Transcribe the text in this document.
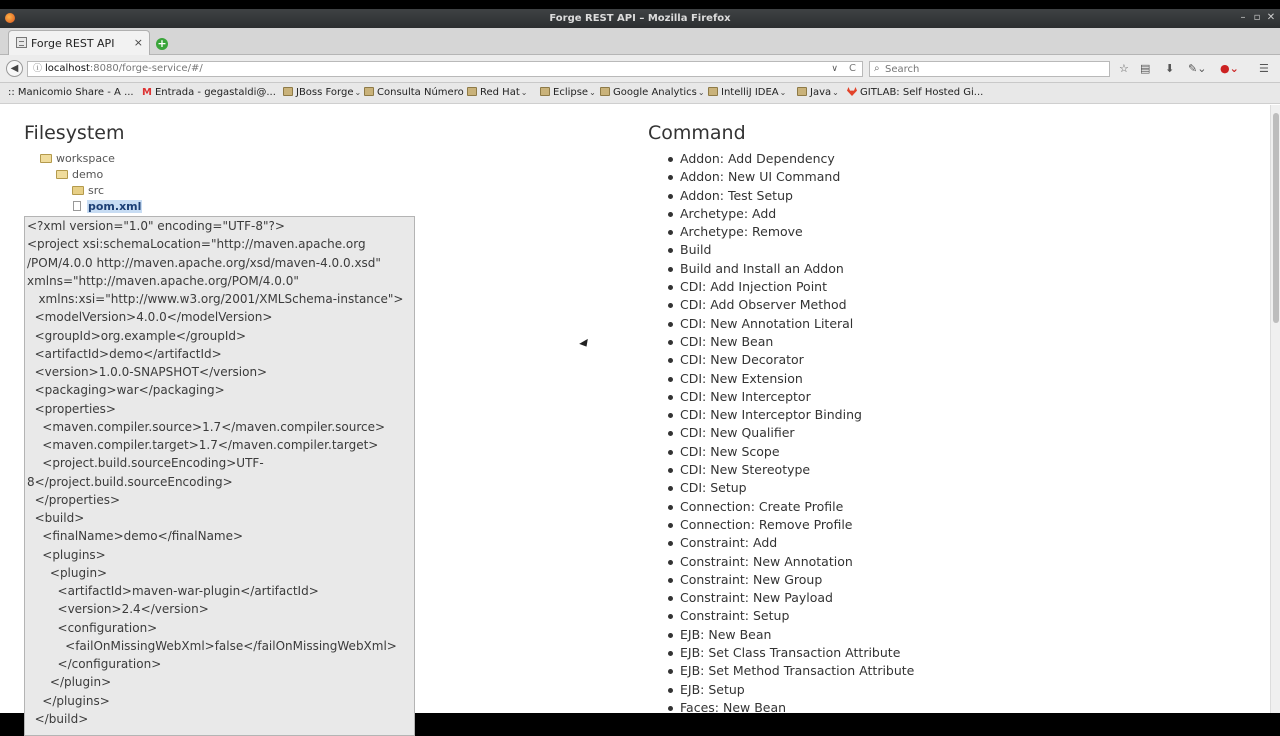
Forge REST API – Mozilla Firefox	– ▫ ✕
Forge REST API × +
◀	ⓘ localhost:8080/forge-service/#/	∨ C ⌕
Search	☆ ▤ ⬇ ✎⌄ ●⌄ ☰
:: Manicomio Share - A ... M Entrada - gegastaldi@...	JBoss Forge⌄	Consulta Número	Red Hat⌄	Eclipse⌄	Google Analytics⌄	IntelliJ IDEA⌄	Java⌄	GITLAB: Self Hosted Gi...
Filesystem
workspace
demo
src
pom.xml
<?xml version="1.0" encoding="UTF-8"?>
<project xsi:schemaLocation="http://maven.apache.org
/POM/4.0.0 http://maven.apache.org/xsd/maven-4.0.0.xsd"
xmlns="http://maven.apache.org/POM/4.0.0"
xmlns:xsi="http://www.w3.org/2001/XMLSchema-instance">
<modelVersion>4.0.0</modelVersion>
<groupId>org.example</groupId>
<artifactId>demo</artifactId>
<version>1.0.0-SNAPSHOT</version>
<packaging>war</packaging>
<properties>
<maven.compiler.source>1.7</maven.compiler.source>
<maven.compiler.target>1.7</maven.compiler.target>
<project.build.sourceEncoding>UTF-
8</project.build.sourceEncoding>
</properties>
<build>
<finalName>demo</finalName>
<plugins>
<plugin>
<artifactId>maven-war-plugin</artifactId>
<version>2.4</version>
<configuration>
<failOnMissingWebXml>false</failOnMissingWebXml>
</configuration>
</plugin>
</plugins>
</build>
Command
Addon: Add Dependency
Addon: New UI Command
Addon: Test Setup
Archetype: Add
Archetype: Remove
Build
Build and Install an Addon
CDI: Add Injection Point
CDI: Add Observer Method
CDI: New Annotation Literal
CDI: New Bean
CDI: New Decorator
CDI: New Extension
CDI: New Interceptor
CDI: New Interceptor Binding
CDI: New Qualifier
CDI: New Scope
CDI: New Stereotype
CDI: Setup
Connection: Create Profile
Connection: Remove Profile
Constraint: Add
Constraint: New Annotation
Constraint: New Group
Constraint: New Payload
Constraint: Setup
EJB: New Bean
EJB: Set Class Transaction Attribute
EJB: Set Method Transaction Attribute
EJB: Setup
Faces: New Bean
